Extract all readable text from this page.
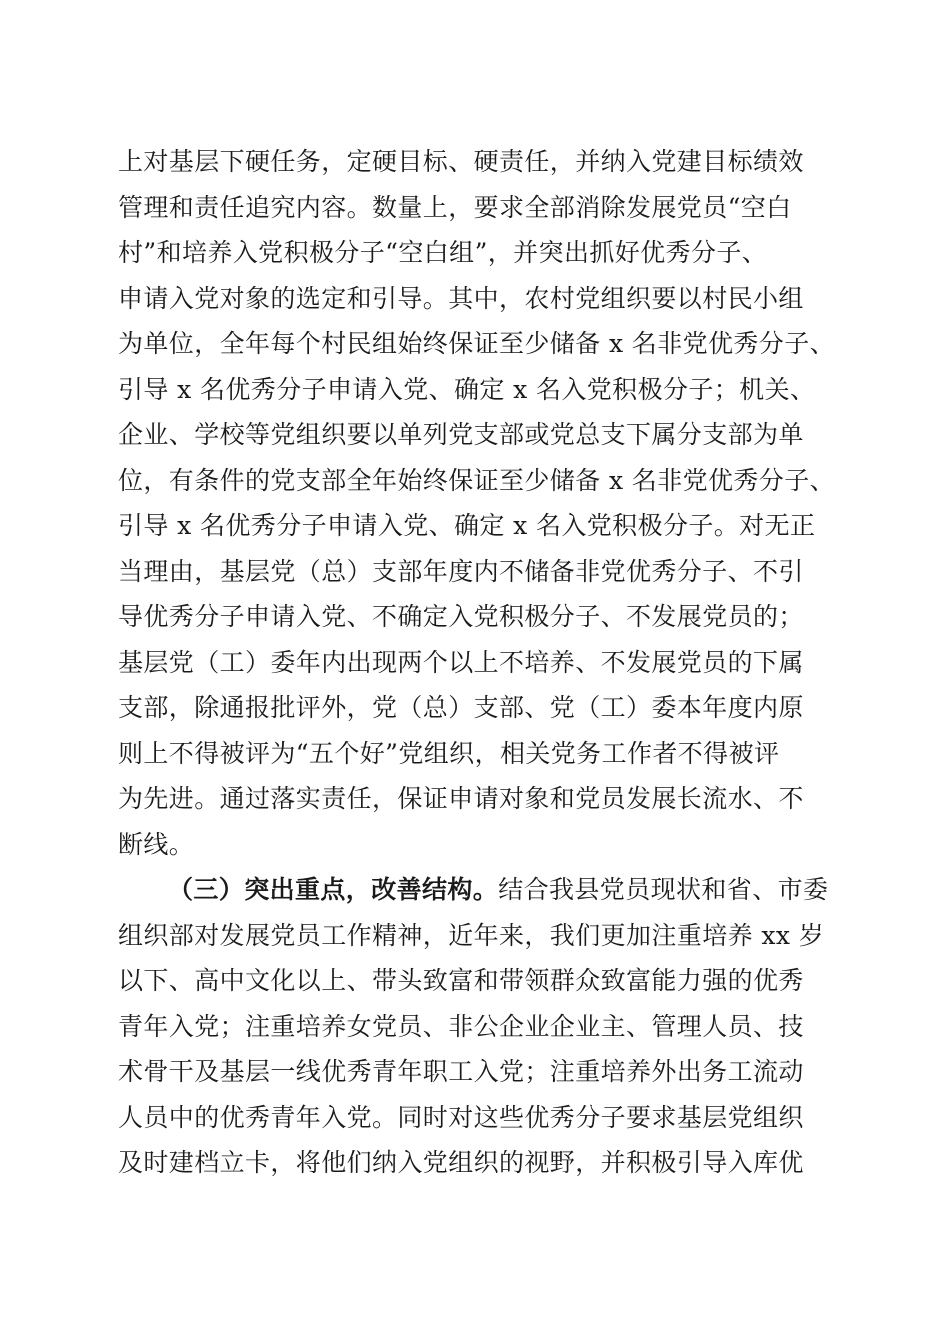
上对基层下硬任务，定硬目标、硬责任，并纳入党建目标绩效
管理和责任追究内容。数量上，要求全部消除发展党员“空白
村”和培养入党积极分子“空白组”，并突出抓好优秀分子、
申请入党对象的选定和引导。其中，农村党组织要以村民小组
为单位，全年每个村民组始终保证至少储备 x 名非党优秀分子、
引导 x 名优秀分子申请入党、确定 x 名入党积极分子；机关、
企业、学校等党组织要以单列党支部或党总支下属分支部为单
位，有条件的党支部全年始终保证至少储备 x 名非党优秀分子、
引导 x 名优秀分子申请入党、确定 x 名入党积极分子。对无正
当理由，基层党（总）支部年度内不储备非党优秀分子、不引
导优秀分子申请入党、不确定入党积极分子、不发展党员的；
基层党（工）委年内出现两个以上不培养、不发展党员的下属
支部，除通报批评外，党（总）支部、党（工）委本年度内原
则上不得被评为“五个好”党组织，相关党务工作者不得被评
为先进。通过落实责任，保证申请对象和党员发展长流水、不
断线。
（三）突出重点，改善结构。结合我县党员现状和省、市委
组织部对发展党员工作精神，近年来，我们更加注重培养 xx 岁
以下、高中文化以上、带头致富和带领群众致富能力强的优秀
青年入党；注重培养女党员、非公企业企业主、管理人员、技
术骨干及基层一线优秀青年职工入党；注重培养外出务工流动
人员中的优秀青年入党。同时对这些优秀分子要求基层党组织
及时建档立卡，将他们纳入党组织的视野，并积极引导入库优
